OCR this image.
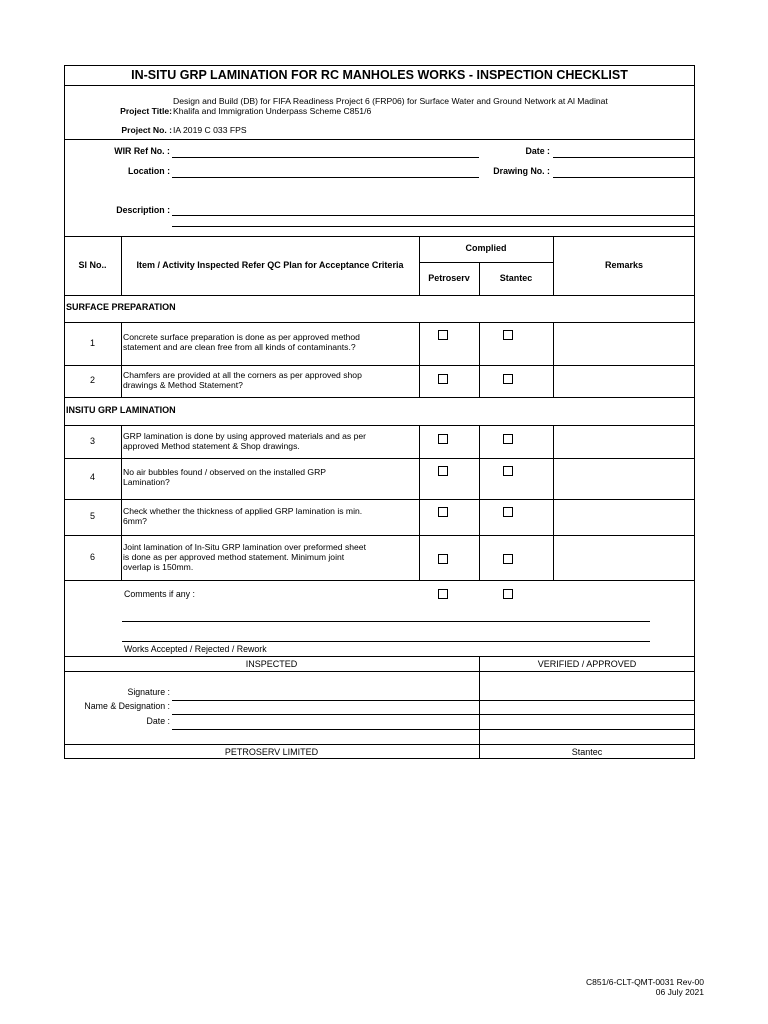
IN-SITU GRP LAMINATION FOR RC MANHOLES WORKS - INSPECTION CHECKLIST
Design and Build (DB) for FIFA Readiness Project 6 (FRP06) for Surface Water and Ground Network at Al Madinat
Project Title: Khalifa and Immigration Underpass Scheme C851/6
Project No. : IA 2019 C 033 FPS
WIR Ref No. :	Date :
Location :	Drawing No. :
Description :
Sl No..	Item / Activity Inspected Refer QC Plan for Acceptance Criteria
Complied
Petroserv	Stantec
Remarks
SURFACE PREPARATION
1
Concrete surface preparation is done as per approved method
statement and are clean free from all kinds of contaminants.?
2	Chamfers are provided at all the corners as per approved shop
drawings & Method Statement?
INSITU GRP LAMINATION
3	GRP lamination is done by using approved materials and as per
approved Method statement & Shop drawings.
4	No air bubbles found / observed on the installed GRP
Lamination?
5	Check whether the thickness of applied GRP lamination is min.
6mm?
6
Joint lamination of In-Situ GRP lamination over preformed sheet
is done as per approved method statement. Minimum joint
overlap is 150mm.
Comments if any :
Works Accepted / Rejected / Rework
INSPECTED	VERIFIED / APPROVED
Signature :
Name & Designation :
Date :
PETROSERV LIMITED	Stantec
C851/6-CLT-QMT-0031 Rev-00
06 July 2021
